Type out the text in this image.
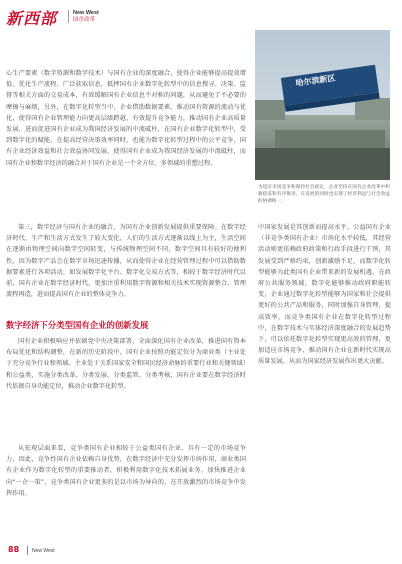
新西部	New West
国企改革

心生产要素（数字资源和数字技术）与国有企业的深度融合，使得企业能够提高提效增值、优化生产流程、广泛获取信息，抵押国有企业数字化转型中的信息搜寻、决策、监督等相关方面的交易成本，有效缓解国有企业信息不对称的问题，从而避免了不必要的摩擦与麻烦，另外，在数字化转型当中，企业借助数据要素、推动国有资源的流动与优化，使得国有企业管理能力向更高层级跨越，有效提升竞争能力，推动国有企业高质量发展，进而促进国有企业成为我国经济发展的中流砥柱，在国有企业数字化转型中，受到数字化的赋能、在提高经营决策效率同时，也能为数字化转型过程中的公平竞争，国有企业经济效益和社会效益协同发展，使得国有企业成为我国经济发展的中流砥柱，而国有企业和数字经济的融合对于国有企业是一个全方位、多领域的重塑过程。

哈尔滨新区

为适应市场竞争和保持社会稳定，企业坚持在国有企业改革中积极稳妥和有序推进，在发展的同时也实现了经济利益与社会效益的协调统一。

第三，数字经济与国有企业的融合，为国有企业创新发展提供重要保障。在数字经济时代，生产和生活方式发生了较大变化，人们的生活方式逐渐以线上为主，生活空间在逐渐由物理空间向数字空间转变，与传统物理空间不同，数字空间具有较好的便利性，因为数字产品会在数字市场迅速传播，从而使得企业在经营管理过程中可以借助数据要素进行各项活动，如发展数字化平台、数字化交易方式等，相较于数字经济时代以前，国有企业在数字经济时代，更加注重利用数字资源和相关技术实现资源整合、管理流程再造，进而提高国有企业的整体竞争力。

中国家发展是其创新而提高水平。公益国有企业（非竞争类国有企业）市场化水平较低，其经营活动则更依赖政府政策和行政手段进行干预，其发展受到严格约束，创新激励不足，而数字化转型能够为此类国有企业带来新的发展机遇，在政府公共服务领域，数字化能够推动政府职能转变，企业通过数字化转型能够为国家和社会提供更好的公共产品和服务，同时加强自身管理，提高效率，而竞争类国有企业在数字化转型过程中，在数字技术与实体经济深度融合的发展趋势下，可以依托数字化转型实现更高效的管理，更加适应市场竞争，推动国有企业在新时代实现高质量发展，从而为国家经济发展作出更大贡献。

数字经济下分类型国有企业的创新发展

国有企业积极响应并依据党中央决策部署，全面深化国有企业改革，推进国有资本布局优化和结构调整，在新的历史阶段中，国有企业按照功能定位分为商业类（主业处于充分竞争行业和领域、主业处于关系国家安全和国民经济命脉的重要行业和关键领域）和公益类，实施分类改革、分类发展、分类监管、分类考核，国有企业要在数字经济时代依据自身功能定位，推动企业数字化转型。

从宏观层面来看，竞争类国有企业相较于公益类国有企业，具有一定的市场竞争力，因此，竞争性国有企业依赖自身优势，在数字经济中充分发挥市场作用，商业类国有企业作为数字化转型的重要推动者，积极利用数字化技术拓展业务，加快推进企业向“一企一策”，竞争类国有企业更多的是以市场为导向的，在开放激烈的市场竞争中发挥作用。

88	New West
